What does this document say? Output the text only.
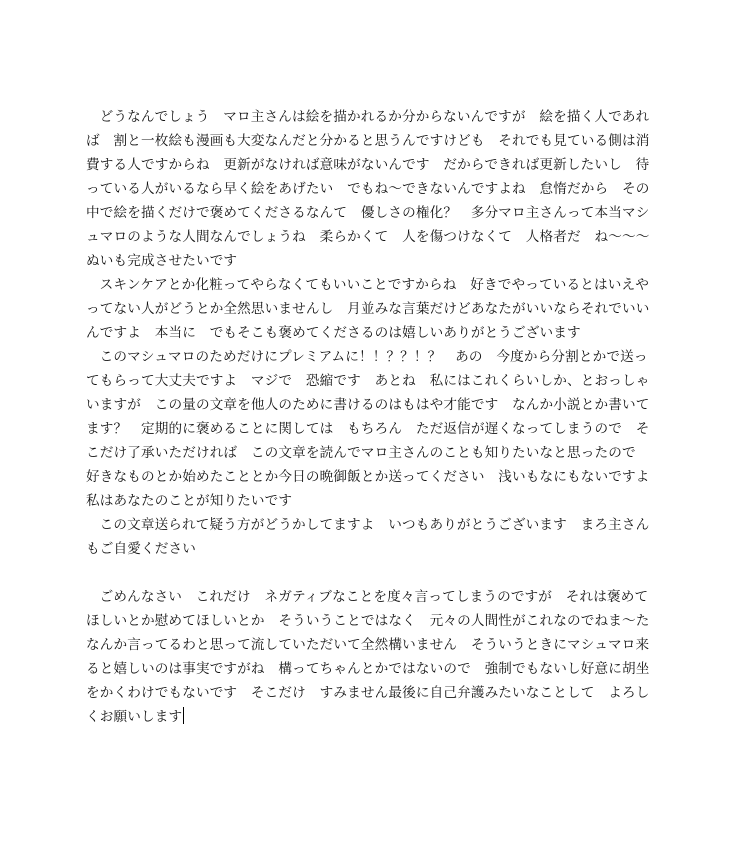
どうなんでしょう　マロ主さんは絵を描かれるか分からないんですが　絵を描く人であれば　割と一枚絵も漫画も大変なんだと分かると思うんですけども　それでも見ている側は消費する人ですからね　更新がなければ意味がないんです　だからできれば更新したいし　待っている人がいるなら早く絵をあげたい　でもね〜できないんですよね　怠惰だから　その中で絵を描くだけで褒めてくださるなんて　優しさの権化？　多分マロ主さんって本当マシュマロのような人間なんでしょうね　柔らかくて　人を傷つけなくて　人格者だ　ね〜〜〜ぬいも完成させたいです

スキンケアとか化粧ってやらなくてもいいことですからね　好きでやっているとはいえやってない人がどうとか全然思いません​し　月並みな言葉だけどあなたがいいならそれでいいんですよ　本当に　でもそこも褒めてくださるのは嬉しいありがとうございます

このマシュマロのためだけにプレミアムに！！？？！？　あの　今度から分割とかで送ってもらって大丈夫ですよ　マジで　恐縮です　あとね　私にはこれくらいしか、とおっしゃいますが　この量の文章を他人のために書けるのはもはや才能です　なんか小説とか書いてます？　定期的に褒めることに関しては　もちろん　ただ返信が遅くなってしまうので　そこだけ了承いただければ　この文章を読んでマロ主さんのことも知りたいなと思ったので　好きなものとか始めたこととか今日の晩御飯とか送ってください　浅いもなにもないですよ　私はあなたのことが知りたいです

この文章送られて疑う方がどうかしてますよ　いつもありがとうございます　まろ主さんもご自愛ください

ごめんなさい　これだけ　ネガティブなことを度々言ってしまうのですが　それは褒めてほしいとか慰めてほしいとか　そういうことではなく　元々の人間性がこれなのでねま〜たなんか言ってるわと思って流していただいて全然構いません　そういうときにマシュマロ来ると嬉しいのは事実ですがね　構ってちゃんとかではないので　強制でもないし好意に胡坐をかくわけでもないです　そこだけ　すみません最後に自己弁護みたいなことして　よろしくお願いします
